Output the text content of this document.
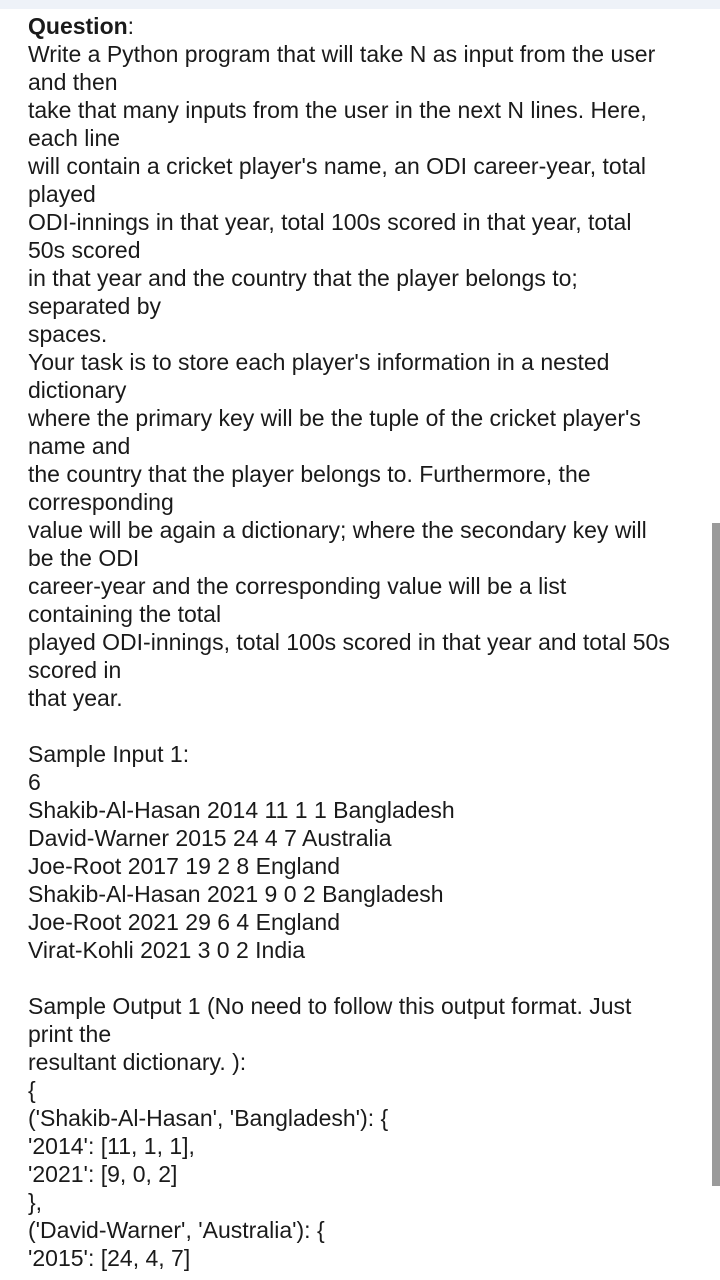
Question:
Write a Python program that will take N as input from the user
and then
take that many inputs from the user in the next N lines. Here,
each line
will contain a cricket player's name, an ODI career-year, total
played
ODI-innings in that year, total 100s scored in that year, total
50s scored
in that year and the country that the player belongs to;
separated by
spaces.
Your task is to store each player's information in a nested
dictionary
where the primary key will be the tuple of the cricket player's
name and
the country that the player belongs to. Furthermore, the
corresponding
value will be again a dictionary; where the secondary key will
be the ODI
career-year and the corresponding value will be a list
containing the total
played ODI-innings, total 100s scored in that year and total 50s
scored in
that year.
Sample Input 1:
6
Shakib-Al-Hasan 2014 11 1 1 Bangladesh
David-Warner 2015 24 4 7 Australia
Joe-Root 2017 19 2 8 England
Shakib-Al-Hasan 2021 9 0 2 Bangladesh
Joe-Root 2021 29 6 4 England
Virat-Kohli 2021 3 0 2 India
Sample Output 1 (No need to follow this output format. Just
print the
resultant dictionary. ):
{
('Shakib-Al-Hasan', 'Bangladesh'): {
'2014': [11, 1, 1],
'2021': [9, 0, 2]
},
('David-Warner', 'Australia'): {
'2015': [24, 4, 7]
